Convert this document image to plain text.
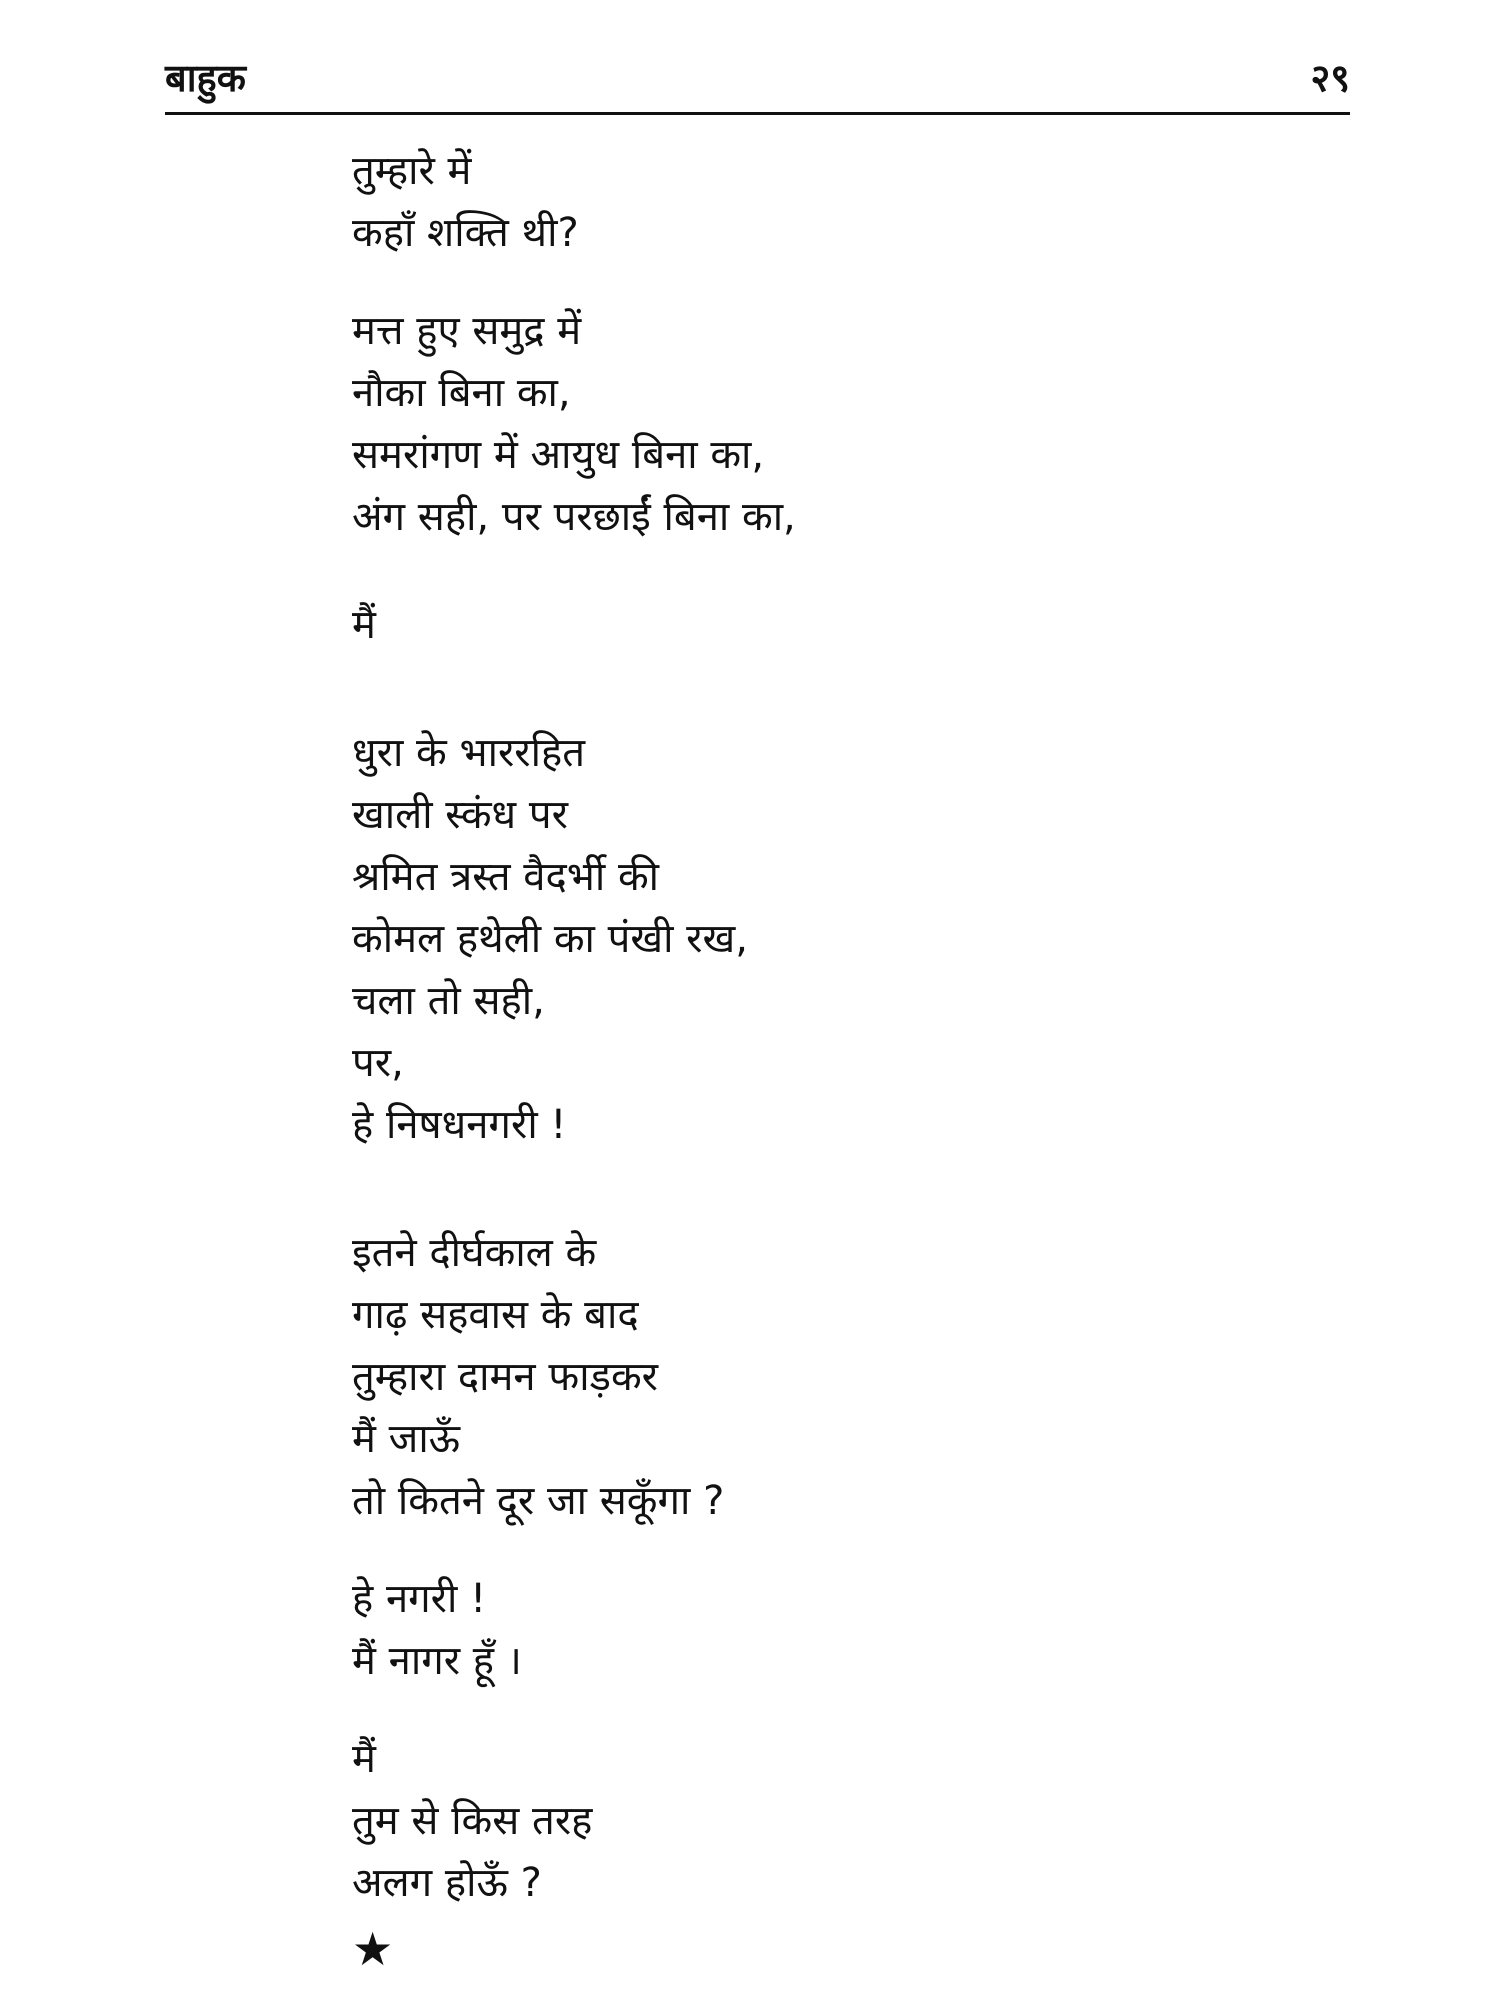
बाहुक	२९
तुम्हारे में
कहाँ शक्ति थी?
मत्त हुए समुद्र में
नौका बिना का,
समरांगण में आयुध बिना का,
अंग सही, पर परछाईं बिना का,
मैं
धुरा के भाररहित
खाली स्कंध पर
श्रमित त्रस्त वैदर्भी की
कोमल हथेली का पंखी रख,
चला तो सही,
पर,
हे निषधनगरी !
इतने दीर्घकाल के
गाढ़ सहवास के बाद
तुम्हारा दामन फाड़कर
मैं जाऊँ
तो कितने दूर जा सकूँगा ?
हे नगरी !
मैं नागर हूँ ।
मैं
तुम से किस तरह
अलग होऊँ ?
★
